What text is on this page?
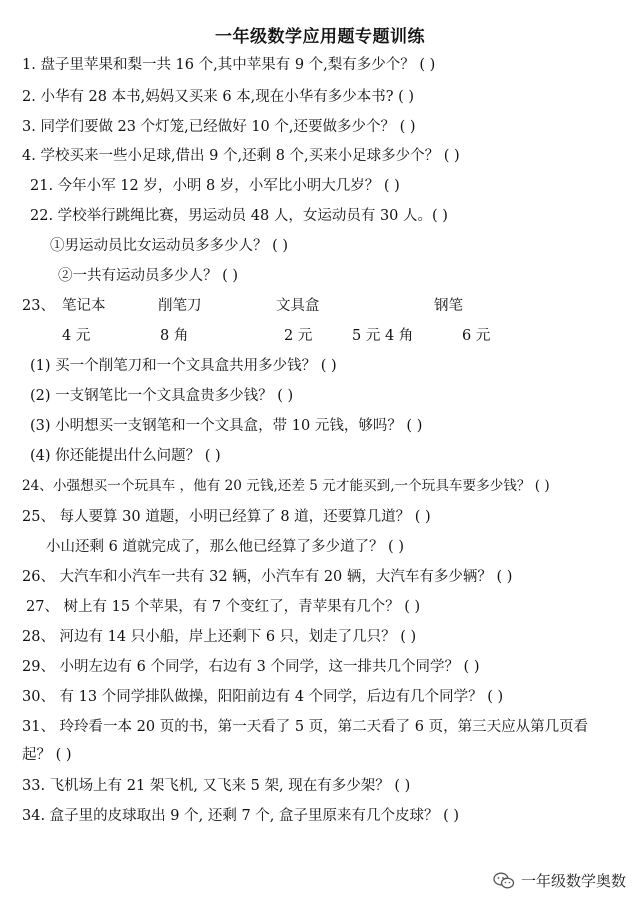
一年级数学应用题专题训练
1. 盘子里苹果和梨一共 16 个,其中苹果有 9 个,梨有多少个？ ( )
2. 小华有 28 本书,妈妈又买来 6 本,现在小华有多少本书? ( )
3. 同学们要做 23 个灯笼,已经做好 10 个,还要做多少个？ ( )
4. 学校买来一些小足球,借出 9 个,还剩 8 个,买来小足球多少个？ ( )
21. 今年小军 12 岁，小明 8 岁，小军比小明大几岁？ ( )
22. 学校举行跳绳比赛，男运动员 48 人，女运动员有 30 人。( )
①男运动员比女运动员多多少人？ ( )
②一共有运动员多少人？ ( )
23、 笔记本	削笔刀	文具盒	钢笔
4 元	8 角	2 元	5 元 4 角	6 元
(1) 买一个削笔刀和一个文具盒共用多少钱？ ( )
(2) 一支钢笔比一个文具盒贵多少钱？ ( )
(3) 小明想买一支钢笔和一个文具盒，带 10 元钱，够吗？ ( )
(4) 你还能提出什么问题？ ( )
24、小强想买一个玩具车 ，他有 20 元钱,还差 5 元才能买到,一个玩具车要多少钱？ ( )
25、 每人要算 30 道题，小明已经算了 8 道，还要算几道？ ( )
小山还剩 6 道就完成了，那么他已经算了多少道了？ ( )
26、 大汽车和小汽车一共有 32 辆，小汽车有 20 辆，大汽车有多少辆？ ( )
27、 树上有 15 个苹果，有 7 个变红了，青苹果有几个？ ( )
28、 河边有 14 只小船，岸上还剩下 6 只，划走了几只？ ( )
29、 小明左边有 6 个同学，右边有 3 个同学，这一排共几个同学？ ( )
30、 有 13 个同学排队做操，阳阳前边有 4 个同学，后边有几个同学？ ( )
31、 玲玲看一本 20 页的书，第一天看了 5 页，第二天看了 6 页，第三天应从第几页看
起？ ( )
33. 飞机场上有 21 架飞机, 又飞来 5 架, 现在有多少架？ ( )
34. 盒子里的皮球取出 9 个, 还剩 7 个, 盒子里原来有几个皮球？ ( )
一年级数学奥数
